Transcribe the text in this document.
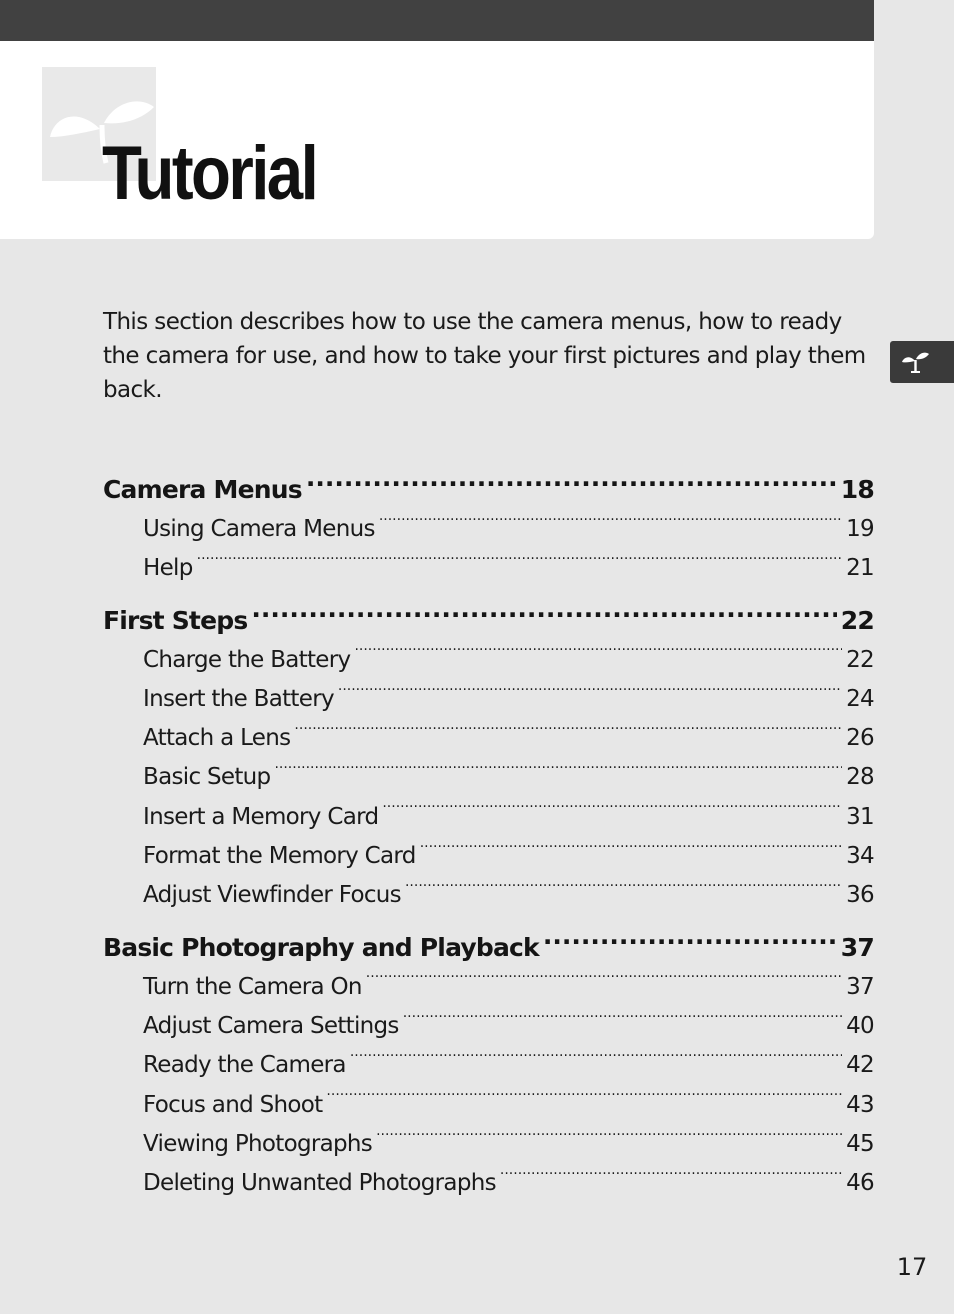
Tutorial

This section describes how to use the camera menus, how to ready the camera for use, and how to take your first pictures and play them back.

Camera Menus .....	18
Using Camera Menus .....	19
Help .....	21
First Steps .....	22
Charge the Battery .....	22
Insert the Battery .....	24
Attach a Lens .....	26
Basic Setup .....	28
Insert a Memory Card .....	31
Format the Memory Card .....	34
Adjust Viewfinder Focus .....	36
Basic Photography and Playback .....	37
Turn the Camera On .....	37
Adjust Camera Settings .....	40
Ready the Camera .....	42
Focus and Shoot .....	43
Viewing Photographs .....	45
Deleting Unwanted Photographs .....	46
17
